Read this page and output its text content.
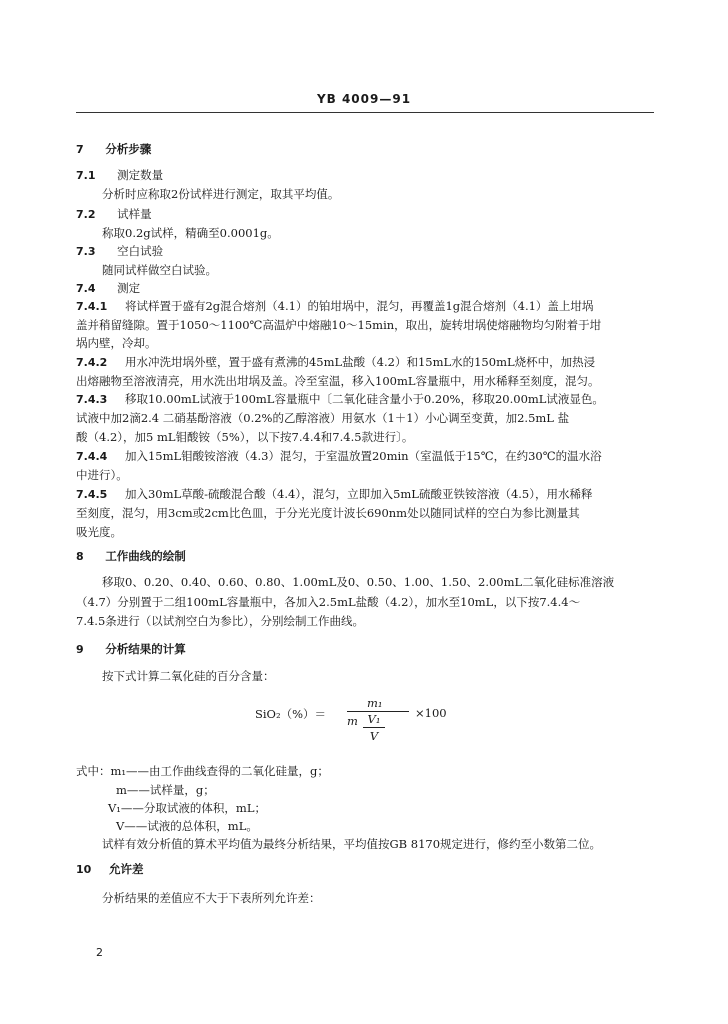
YB 4009—91
7 分析步骤
7.1 测定数量
分析时应称取2份试样进行测定，取其平均值。
7.2 试样量
称取0.2g试样，精确至0.0001g。
7.3 空白试验
随同试样做空白试验。
7.4 测定
7.4.1 将试样置于盛有2g混合熔剂（4.1）的铂坩埚中，混匀，再覆盖1g混合熔剂（4.1）盖上坩埚
盖并稍留缝隙。置于1050～1100℃高温炉中熔融10～15min，取出，旋转坩埚使熔融物均匀附着于坩
埚内壁，冷却。
7.4.2 用水冲洗坩埚外壁，置于盛有煮沸的45mL盐酸（4.2）和15mL水的150mL烧杯中，加热浸
出熔融物至溶液清亮，用水洗出坩埚及盖。冷至室温，移入100mL容量瓶中，用水稀释至刻度，混匀。
7.4.3 移取10.00mL试液于100mL容量瓶中〔二氧化硅含量小于0.20%，移取20.00mL试液显色。
试液中加2滴2.4 二硝基酚溶液（0.2%的乙醇溶液）用氨水（1＋1）小心调至变黄，加2.5mL 盐
酸（4.2），加5 mL钼酸铵（5%），以下按7.4.4和7.4.5款进行〕。
7.4.4 加入15mL钼酸铵溶液（4.3）混匀，于室温放置20min（室温低于15℃，在约30℃的温水浴
中进行）。
7.4.5 加入30mL草酸-硫酸混合酸（4.4），混匀，立即加入5mL硫酸亚铁铵溶液（4.5），用水稀释
至刻度，混匀，用3cm或2cm比色皿，于分光光度计波长690nm处以随同试样的空白为参比测量其
吸光度。
8 工作曲线的绘制
移取0、0.20、0.40、0.60、0.80、1.00mL及0、0.50、1.00、1.50、2.00mL二氧化硅标准溶液
（4.7）分别置于二组100mL容量瓶中，各加入2.5mL盐酸（4.2），加水至10mL，以下按7.4.4～
7.4.5条进行（以试剂空白为参比），分别绘制工作曲线。
9 分析结果的计算
按下式计算二氧化硅的百分含量：
SiO₂（%）＝
m₁
m V₁
V
×100
式中：m₁——由工作曲线查得的二氧化硅量，g；
m——试样量，g；
V₁——分取试液的体积，mL；
V——试液的总体积，mL。
试样有效分析值的算术平均值为最终分析结果，平均值按GB 8170规定进行，修约至小数第二位。
10 允许差
分析结果的差值应不大于下表所列允许差：
2
